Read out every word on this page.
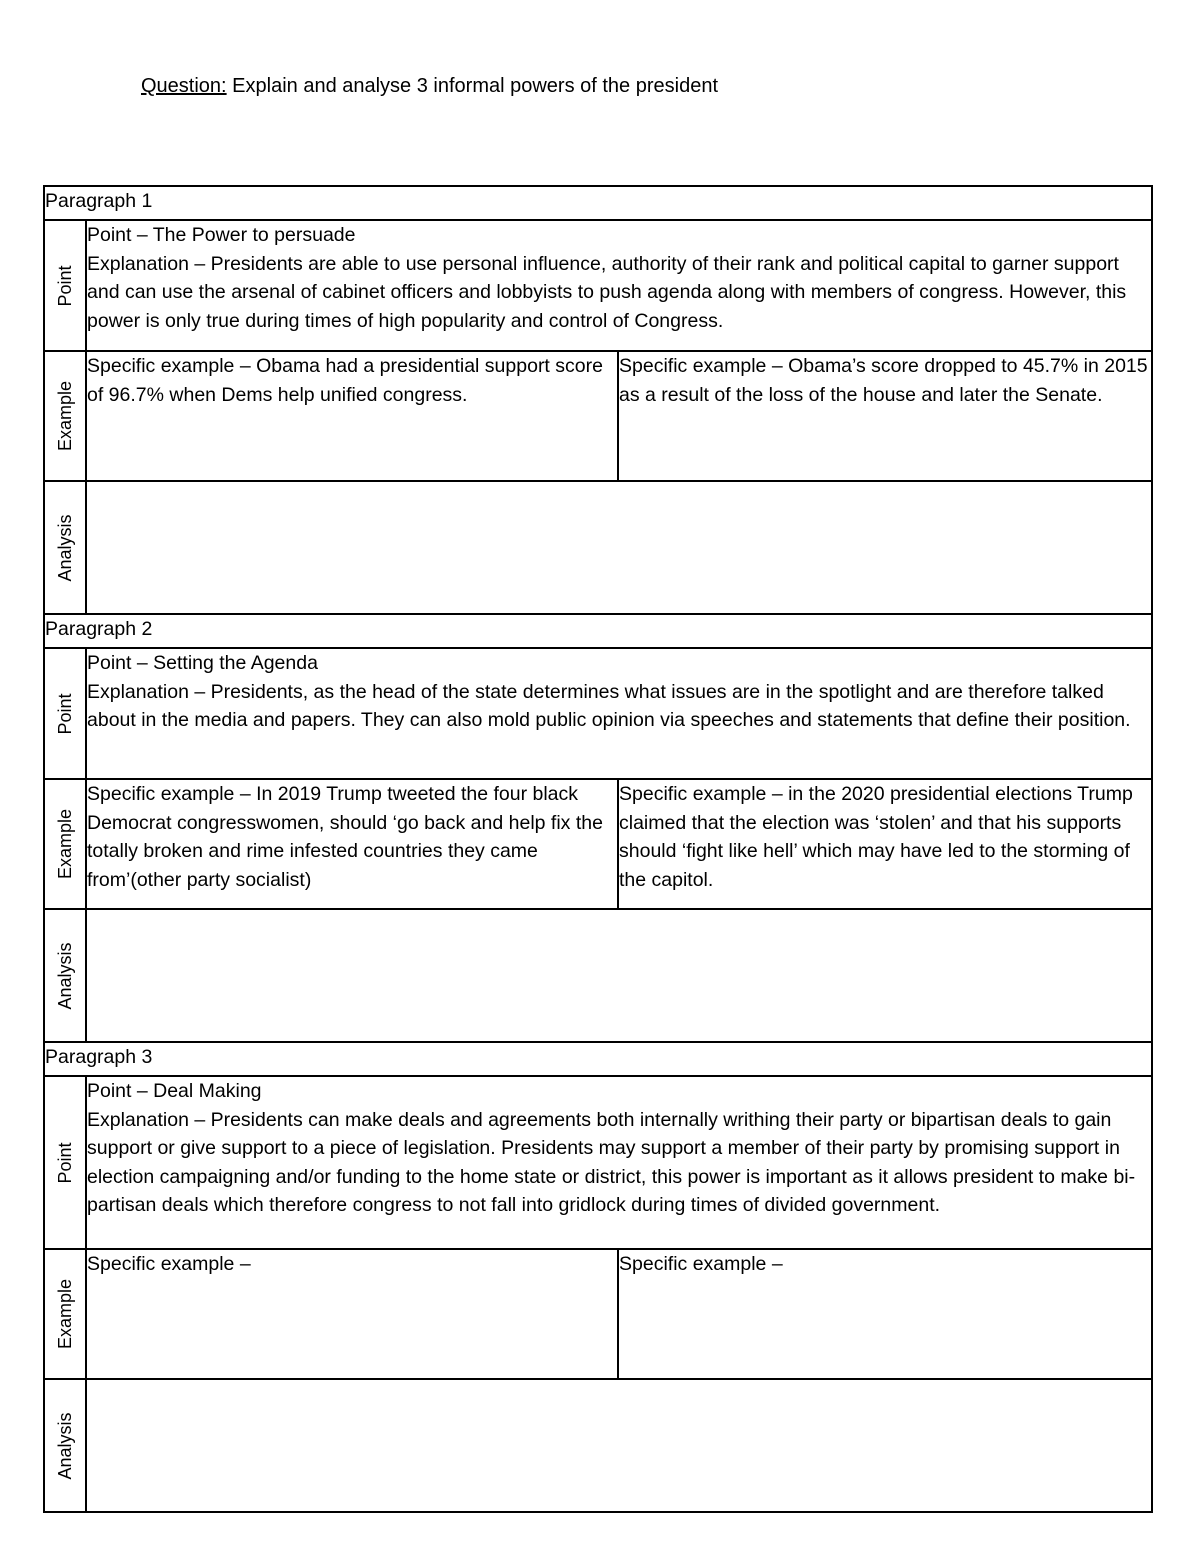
Question: Explain and analyse 3 informal powers of the president
Paragraph 1		

Point	Point – The Power to persuade

Explanation – Presidents are able to use personal influence, authority of their rank and political capital to garner support and can use the arsenal of cabinet officers and lobbyists to push agenda along with members of congress. However, this power is only true during times of high popularity and control of Congress.	

Example	Specific example – Obama had a presidential support score of 96.7% when Dems help unified congress.	Specific example – Obama’s score dropped to 45.7% in 2015 as a result of the loss of the house and later the Senate.

Analysis		

Paragraph 2		

Point	Point – Setting the Agenda

Explanation – Presidents, as the head of the state determines what issues are in the spotlight and are therefore talked about in the media and papers. They can also mold public opinion via speeches and statements that define their position.	

Example	Specific example – In 2019 Trump tweeted the four black Democrat congresswomen, should ‘go back and help fix the totally broken and rime infested countries they came from’(other party socialist)	Specific example – in the 2020 presidential elections Trump claimed that the election was ‘stolen’ and that his supports should ‘fight like hell’ which may have led to the storming of the capitol.

Analysis		

Paragraph 3		

Point	Point – Deal Making

Explanation – Presidents can make deals and agreements both internally writhing their party or bipartisan deals to gain support or give support to a piece of legislation. Presidents may support a member of their party by promising support in election campaigning and/or funding to the home state or district, this power is important as it allows president to make bi-partisan deals which therefore congress to not fall into gridlock during times of divided government.	

Example	Specific example –	Specific example –

Analysis		
